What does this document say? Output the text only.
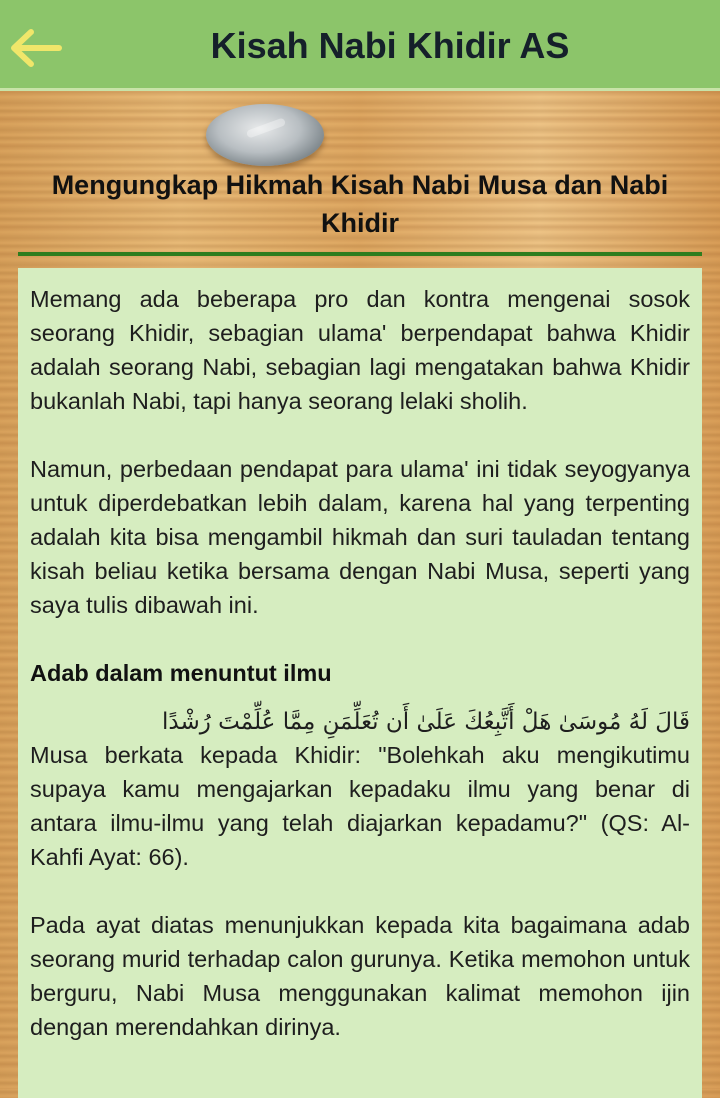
Kisah Nabi Khidir AS
Mengungkap Hikmah Kisah Nabi Musa dan Nabi Khidir

Memang ada beberapa pro dan kontra mengenai sosok seorang Khidir, sebagian ulama' berpendapat bahwa Khidir adalah seorang Nabi, sebagian lagi mengatakan bahwa Khidir bukanlah Nabi, tapi hanya seorang lelaki sholih.

Namun, perbedaan pendapat para ulama' ini tidak seyogyanya untuk diperdebatkan lebih dalam, karena hal yang terpenting adalah kita bisa mengambil hikmah dan suri tauladan tentang kisah beliau ketika bersama dengan Nabi Musa, seperti yang saya tulis dibawah ini.

Adab dalam menuntut ilmu

قَالَ لَهُ مُوسَىٰ هَلْ أَتَّبِعُكَ عَلَىٰ أَن تُعَلِّمَنِ مِمَّا عُلِّمْتَ رُشْدًا

Musa berkata kepada Khidir: "Bolehkah aku mengikutimu supaya kamu mengajarkan kepadaku ilmu yang benar di antara ilmu-ilmu yang telah diajarkan kepadamu?" (QS: Al-Kahfi Ayat: 66).

Pada ayat diatas menunjukkan kepada kita bagaimana adab seorang murid terhadap calon gurunya. Ketika memohon untuk berguru, Nabi Musa menggunakan kalimat memohon ijin dengan merendahkan dirinya.
